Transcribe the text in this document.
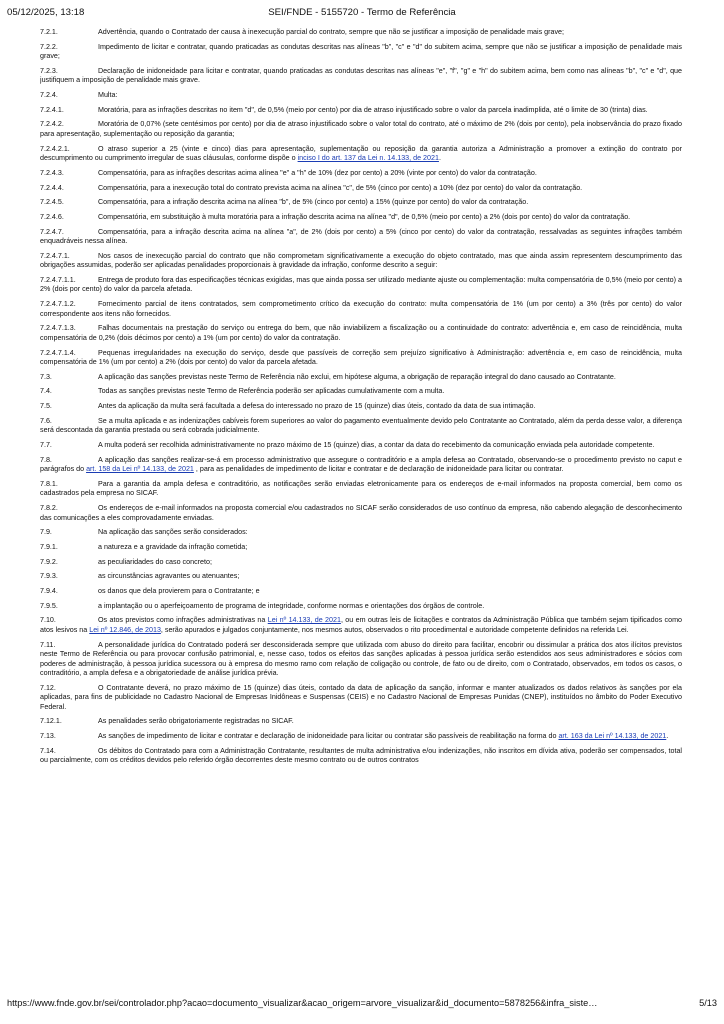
05/12/2025, 13:18	SEI/FNDE - 5155720 - Termo de Referência

7.2.1.	Advertência, quando o Contratado der causa à inexecução parcial do contrato, sempre que não se justificar a imposição de penalidade mais grave;

7.2.2.	Impedimento de licitar e contratar, quando praticadas as condutas descritas nas alíneas "b", "c" e "d" do subitem acima, sempre que não se justificar a imposição de penalidade mais grave;

7.2.3.	Declaração de inidoneidade para licitar e contratar, quando praticadas as condutas descritas nas alíneas "e", "f", "g" e "h" do subitem acima, bem como nas alíneas "b", "c" e "d", que justifiquem a imposição de penalidade mais grave.

7.2.4.	Multa:

7.2.4.1.	Moratória, para as infrações descritas no item "d", de 0,5% (meio por cento) por dia de atraso injustificado sobre o valor da parcela inadimplida, até o limite de 30 (trinta) dias.

7.2.4.2.	Moratória de 0,07% (sete centésimos por cento) por dia de atraso injustificado sobre o valor total do contrato, até o máximo de 2% (dois por cento), pela inobservância do prazo fixado para apresentação, suplementação ou reposição da garantia;

7.2.4.2.1.	O atraso superior a 25 (vinte e cinco) dias para apresentação, suplementação ou reposição da garantia autoriza a Administração a promover a extinção do contrato por descumprimento ou cumprimento irregular de suas cláusulas, conforme dispõe o inciso I do art. 137 da Lei n. 14.133, de 2021.

7.2.4.3.	Compensatória, para as infrações descritas acima alínea "e" a "h" de 10% (dez por cento) a 20% (vinte por cento) do valor da contratação.

7.2.4.4.	Compensatória, para a inexecução total do contrato prevista acima na alínea "c", de 5% (cinco por cento) a 10% (dez por cento) do valor da contratação.

7.2.4.5.	Compensatória, para a infração descrita acima na alínea "b", de 5% (cinco por cento) a 15% (quinze por cento) do valor da contratação.

7.2.4.6.	Compensatória, em substituição à multa moratória para a infração descrita acima na alínea "d", de 0,5% (meio por cento) a 2% (dois por cento) do valor da contratação.

7.2.4.7.	Compensatória, para a infração descrita acima na alínea "a", de 2% (dois por cento) a 5% (cinco por cento) do valor da contratação, ressalvadas as seguintes infrações também enquadráveis nessa alínea.

7.2.4.7.1.	Nos casos de inexecução parcial do contrato que não comprometam significativamente a execução do objeto contratado, mas que ainda assim representem descumprimento das obrigações assumidas, poderão ser aplicadas penalidades proporcionais à gravidade da infração, conforme descrito a seguir:

7.2.4.7.1.1.	Entrega de produto fora das especificações técnicas exigidas, mas que ainda possa ser utilizado mediante ajuste ou complementação: multa compensatória de 0,5% (meio por cento) a 2% (dois por cento) do valor da parcela afetada.

7.2.4.7.1.2.	Fornecimento parcial de itens contratados, sem comprometimento crítico da execução do contrato: multa compensatória de 1% (um por cento) a 3% (três por cento) do valor correspondente aos itens não fornecidos.

7.2.4.7.1.3.	Falhas documentais na prestação do serviço ou entrega do bem, que não inviabilizem a fiscalização ou a continuidade do contrato: advertência e, em caso de reincidência, multa compensatória de 0,2% (dois décimos por cento) a 1% (um por cento) do valor da contratação.

7.2.4.7.1.4.	Pequenas irregularidades na execução do serviço, desde que passíveis de correção sem prejuízo significativo à Administração: advertência e, em caso de reincidência, multa compensatória de 1% (um por cento) a 2% (dois por cento) do valor da parcela afetada.

7.3.	A aplicação das sanções previstas neste Termo de Referência não exclui, em hipótese alguma, a obrigação de reparação integral do dano causado ao Contratante.

7.4.	Todas as sanções previstas neste Termo de Referência poderão ser aplicadas cumulativamente com a multa.

7.5.	Antes da aplicação da multa será facultada a defesa do interessado no prazo de 15 (quinze) dias úteis, contado da data de sua intimação.

7.6.	Se a multa aplicada e as indenizações cabíveis forem superiores ao valor do pagamento eventualmente devido pelo Contratante ao Contratado, além da perda desse valor, a diferença será descontada da garantia prestada ou será cobrada judicialmente.

7.7.	A multa poderá ser recolhida administrativamente no prazo máximo de 15 (quinze) dias, a contar da data do recebimento da comunicação enviada pela autoridade competente.

7.8.	A aplicação das sanções realizar-se-á em processo administrativo que assegure o contraditório e a ampla defesa ao Contratado, observando-se o procedimento previsto no caput e parágrafos do art. 158 da Lei nº 14.133, de 2021 , para as penalidades de impedimento de licitar e contratar e de declaração de inidoneidade para licitar ou contratar.

7.8.1.	Para a garantia da ampla defesa e contraditório, as notificações serão enviadas eletronicamente para os endereços de e-mail informados na proposta comercial, bem como os cadastrados pela empresa no SICAF.

7.8.2.	Os endereços de e-mail informados na proposta comercial e/ou cadastrados no SICAF serão considerados de uso contínuo da empresa, não cabendo alegação de desconhecimento das comunicações a eles comprovadamente enviadas.

7.9.	Na aplicação das sanções serão considerados:

7.9.1.	a natureza e a gravidade da infração cometida;

7.9.2.	as peculiaridades do caso concreto;

7.9.3.	as circunstâncias agravantes ou atenuantes;

7.9.4.	os danos que dela provierem para o Contratante; e

7.9.5.	a implantação ou o aperfeiçoamento de programa de integridade, conforme normas e orientações dos órgãos de controle.

7.10.	Os atos previstos como infrações administrativas na Lei nº 14.133, de 2021, ou em outras leis de licitações e contratos da Administração Pública que também sejam tipificados como atos lesivos na Lei nº 12.846, de 2013, serão apurados e julgados conjuntamente, nos mesmos autos, observados o rito procedimental e autoridade competente definidos na referida Lei.

7.11.	A personalidade jurídica do Contratado poderá ser desconsiderada sempre que utilizada com abuso do direito para facilitar, encobrir ou dissimular a prática dos atos ilícitos previstos neste Termo de Referência ou para provocar confusão patrimonial, e, nesse caso, todos os efeitos das sanções aplicadas à pessoa jurídica serão estendidos aos seus administradores e sócios com poderes de administração, à pessoa jurídica sucessora ou à empresa do mesmo ramo com relação de coligação ou controle, de fato ou de direito, com o Contratado, observados, em todos os casos, o contraditório, a ampla defesa e a obrigatoriedade de análise jurídica prévia.

7.12.	O Contratante deverá, no prazo máximo de 15 (quinze) dias úteis, contado da data de aplicação da sanção, informar e manter atualizados os dados relativos às sanções por ela aplicadas, para fins de publicidade no Cadastro Nacional de Empresas Inidôneas e Suspensas (CEIS) e no Cadastro Nacional de Empresas Punidas (CNEP), instituídos no âmbito do Poder Executivo Federal.

7.12.1.	As penalidades serão obrigatoriamente registradas no SICAF.

7.13.	As sanções de impedimento de licitar e contratar e declaração de inidoneidade para licitar ou contratar são passíveis de reabilitação na forma do art. 163 da Lei nº 14.133, de 2021.

7.14.	Os débitos do Contratado para com a Administração Contratante, resultantes de multa administrativa e/ou indenizações, não inscritos em dívida ativa, poderão ser compensados, total ou parcialmente, com os créditos devidos pelo referido órgão decorrentes deste mesmo contrato ou de outros contratos

https://www.fnde.gov.br/sei/controlador.php?acao=documento_visualizar&acao_origem=arvore_visualizar&id_documento=5878256&infra_siste…	5/13
